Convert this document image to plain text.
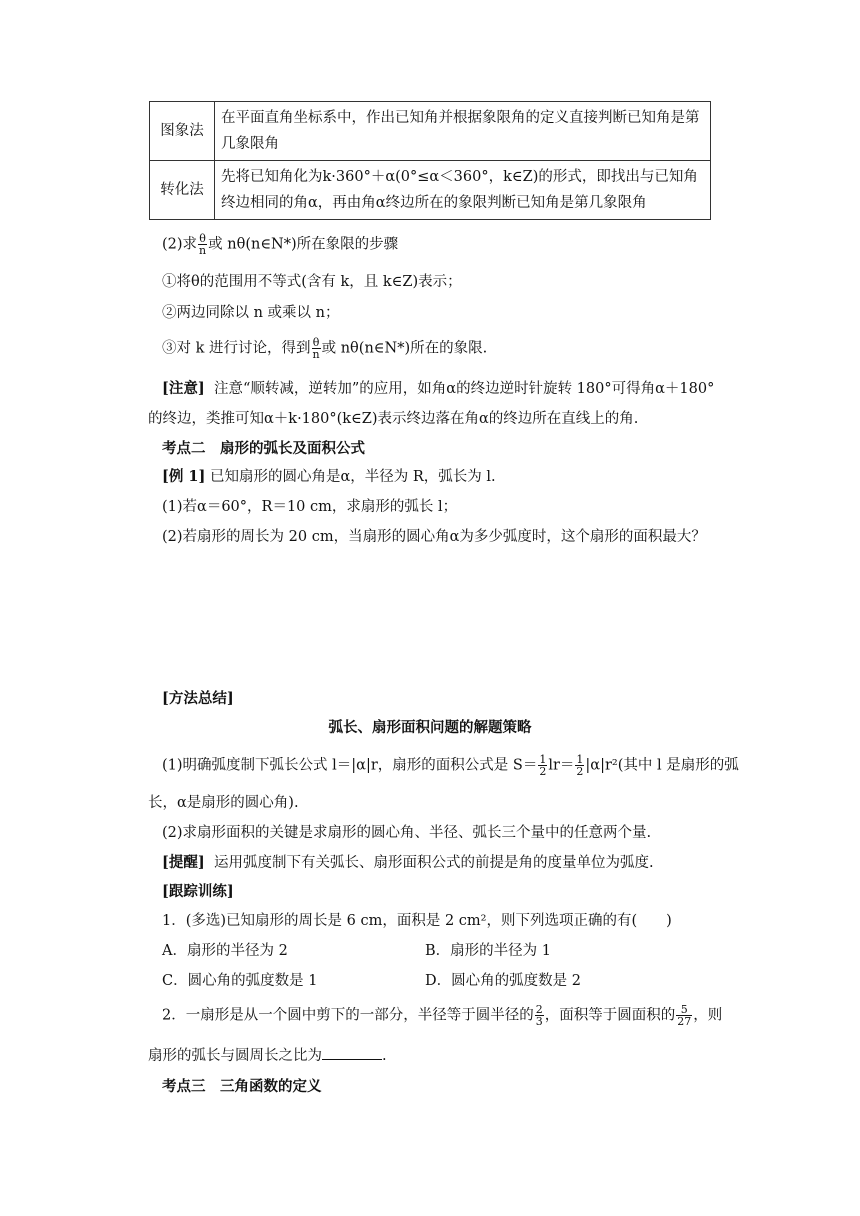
图象法	在平面直角坐标系中，作出已知角并根据象限角的定义直接判断已知角是第几象限角
转化法	先将已知角化为k·360°＋α(0°≤α＜360°，k∈Z)的形式，即找出与已知角终边相同的角α，再由角α终边所在的象限判断已知角是第几象限角
(2)求 $\frac{\theta}{n}$ 或 nθ(n∈N*)所在象限的步骤
①将θ的范围用不等式(含有 k，且 k∈Z)表示；
②两边同除以 n 或乘以 n；
③对 k 进行讨论，得到 $\frac{\theta}{n}$ 或 nθ(n∈N*)所在的象限.
[注意] 注意“顺转减，逆转加”的应用，如角α的终边逆时针旋转 180°可得角α＋180°
的终边，类推可知α＋k·180°(k∈Z)表示终边落在角α的终边所在直线上的角.
考点二　扇形的弧长及面积公式
[例 1] 已知扇形的圆心角是α，半径为 R，弧长为 l.
(1)若α＝60°，R＝10 cm，求扇形的弧长 l；
(2)若扇形的周长为 20 cm，当扇形的圆心角α为多少弧度时，这个扇形的面积最大？
[方法总结]
弧长、扇形面积问题的解题策略
(1)明确弧度制下弧长公式 l＝|α|r，扇形的面积公式是 $S= \frac{1}{2} lr= \frac{1}{2} |\alpha|r^2$(其中 l 是扇形的弧
长，α是扇形的圆心角).
(2)求扇形面积的关键是求扇形的圆心角、半径、弧长三个量中的任意两个量.
[提醒] 运用弧度制下有关弧长、扇形面积公式的前提是角的度量单位为弧度.
[跟踪训练]
1．(多选)已知扇形的周长是 6 cm，面积是 2 cm²，则下列选项正确的有(　　)
A．扇形的半径为 2	B．扇形的半径为 1
C．圆心角的弧度数是 1	D．圆心角的弧度数是 2
2．一扇形是从一个圆中剪下的一部分，半径等于圆半径的 $\frac{2}{3}$ ，面积等于圆面积的 $\frac{5}{27}$ ，则
扇形的弧长与圆周长之比为	.
考点三　三角函数的定义
